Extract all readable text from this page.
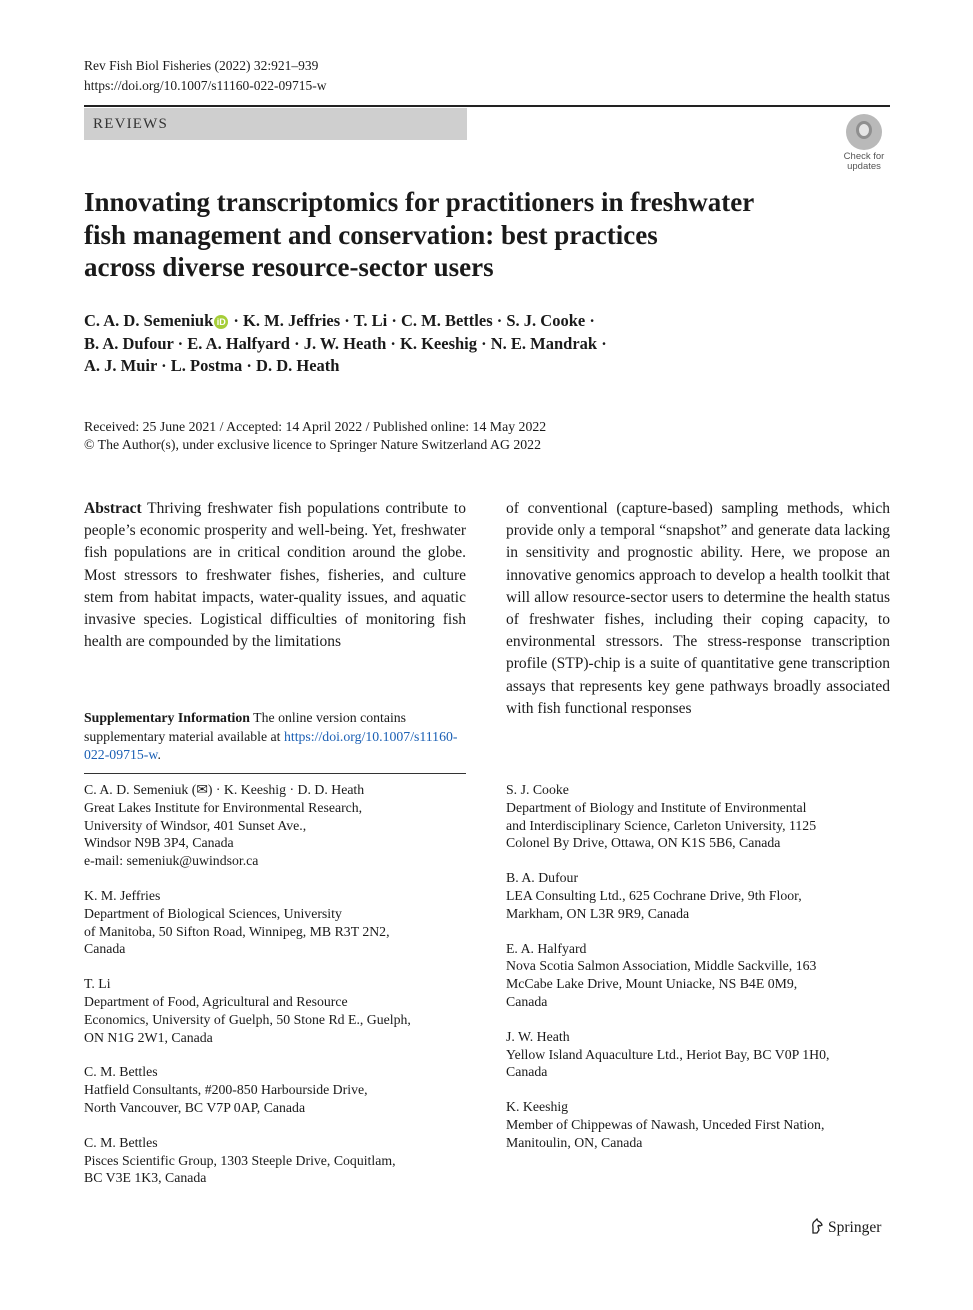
Rev Fish Biol Fisheries (2022) 32:921–939
https://doi.org/10.1007/s11160-022-09715-w
REVIEWS
Check for
updates
Innovating transcriptomics for practitioners in freshwater
fish management and conservation: best practices
across diverse resource-sector users
C. A. D. Semeniuk iD · K. M. Jeffries · T. Li · C. M. Bettles · S. J. Cooke ·
B. A. Dufour · E. A. Halfyard · J. W. Heath · K. Keeshig · N. E. Mandrak ·
A. J. Muir · L. Postma · D. D. Heath
Received: 25 June 2021 / Accepted: 14 April 2022 / Published online: 14 May 2022
© The Author(s), under exclusive licence to Springer Nature Switzerland AG 2022
Abstract Thriving freshwater fish populations contribute to people’s economic prosperity and well-being. Yet, freshwater fish populations are in critical condition around the globe. Most stressors to freshwater fishes, fisheries, and culture stem from habitat impacts, water-quality issues, and aquatic invasive species. Logistical difficulties of monitoring fish health are compounded by the limitations
of conventional (capture-based) sampling methods, which provide only a temporal “snapshot” and generate data lacking in sensitivity and prognostic ability. Here, we propose an innovative genomics approach to develop a health toolkit that will allow resource-sector users to determine the health status of freshwater fishes, including their coping capacity, to environmental stressors. The stress-response transcription profile (STP)-chip is a suite of quantitative gene transcription assays that represents key gene pathways broadly associated with fish functional responses
Supplementary Information The online version contains supplementary material available at https://doi.org/10.1007/s11160-022-09715-w.
C. A. D. Semeniuk (✉) · K. Keeshig · D. D. Heath
Great Lakes Institute for Environmental Research,
University of Windsor, 401 Sunset Ave.,
Windsor N9B 3P4, Canada
e-mail: semeniuk@uwindsor.ca
K. M. Jeffries
Department of Biological Sciences, University
of Manitoba, 50 Sifton Road, Winnipeg, MB R3T 2N2,
Canada
T. Li
Department of Food, Agricultural and Resource
Economics, University of Guelph, 50 Stone Rd E., Guelph,
ON N1G 2W1, Canada
C. M. Bettles
Hatfield Consultants, #200-850 Harbourside Drive,
North Vancouver, BC V7P 0AP, Canada
C. M. Bettles
Pisces Scientific Group, 1303 Steeple Drive, Coquitlam,
BC V3E 1K3, Canada
S. J. Cooke
Department of Biology and Institute of Environmental
and Interdisciplinary Science, Carleton University, 1125
Colonel By Drive, Ottawa, ON K1S 5B6, Canada
B. A. Dufour
LEA Consulting Ltd., 625 Cochrane Drive, 9th Floor,
Markham, ON L3R 9R9, Canada
E. A. Halfyard
Nova Scotia Salmon Association, Middle Sackville, 163
McCabe Lake Drive, Mount Uniacke, NS B4E 0M9,
Canada
J. W. Heath
Yellow Island Aquaculture Ltd., Heriot Bay, BC V0P 1H0,
Canada
K. Keeshig
Member of Chippewas of Nawash, Unceded First Nation,
Manitoulin, ON, Canada
Springer
